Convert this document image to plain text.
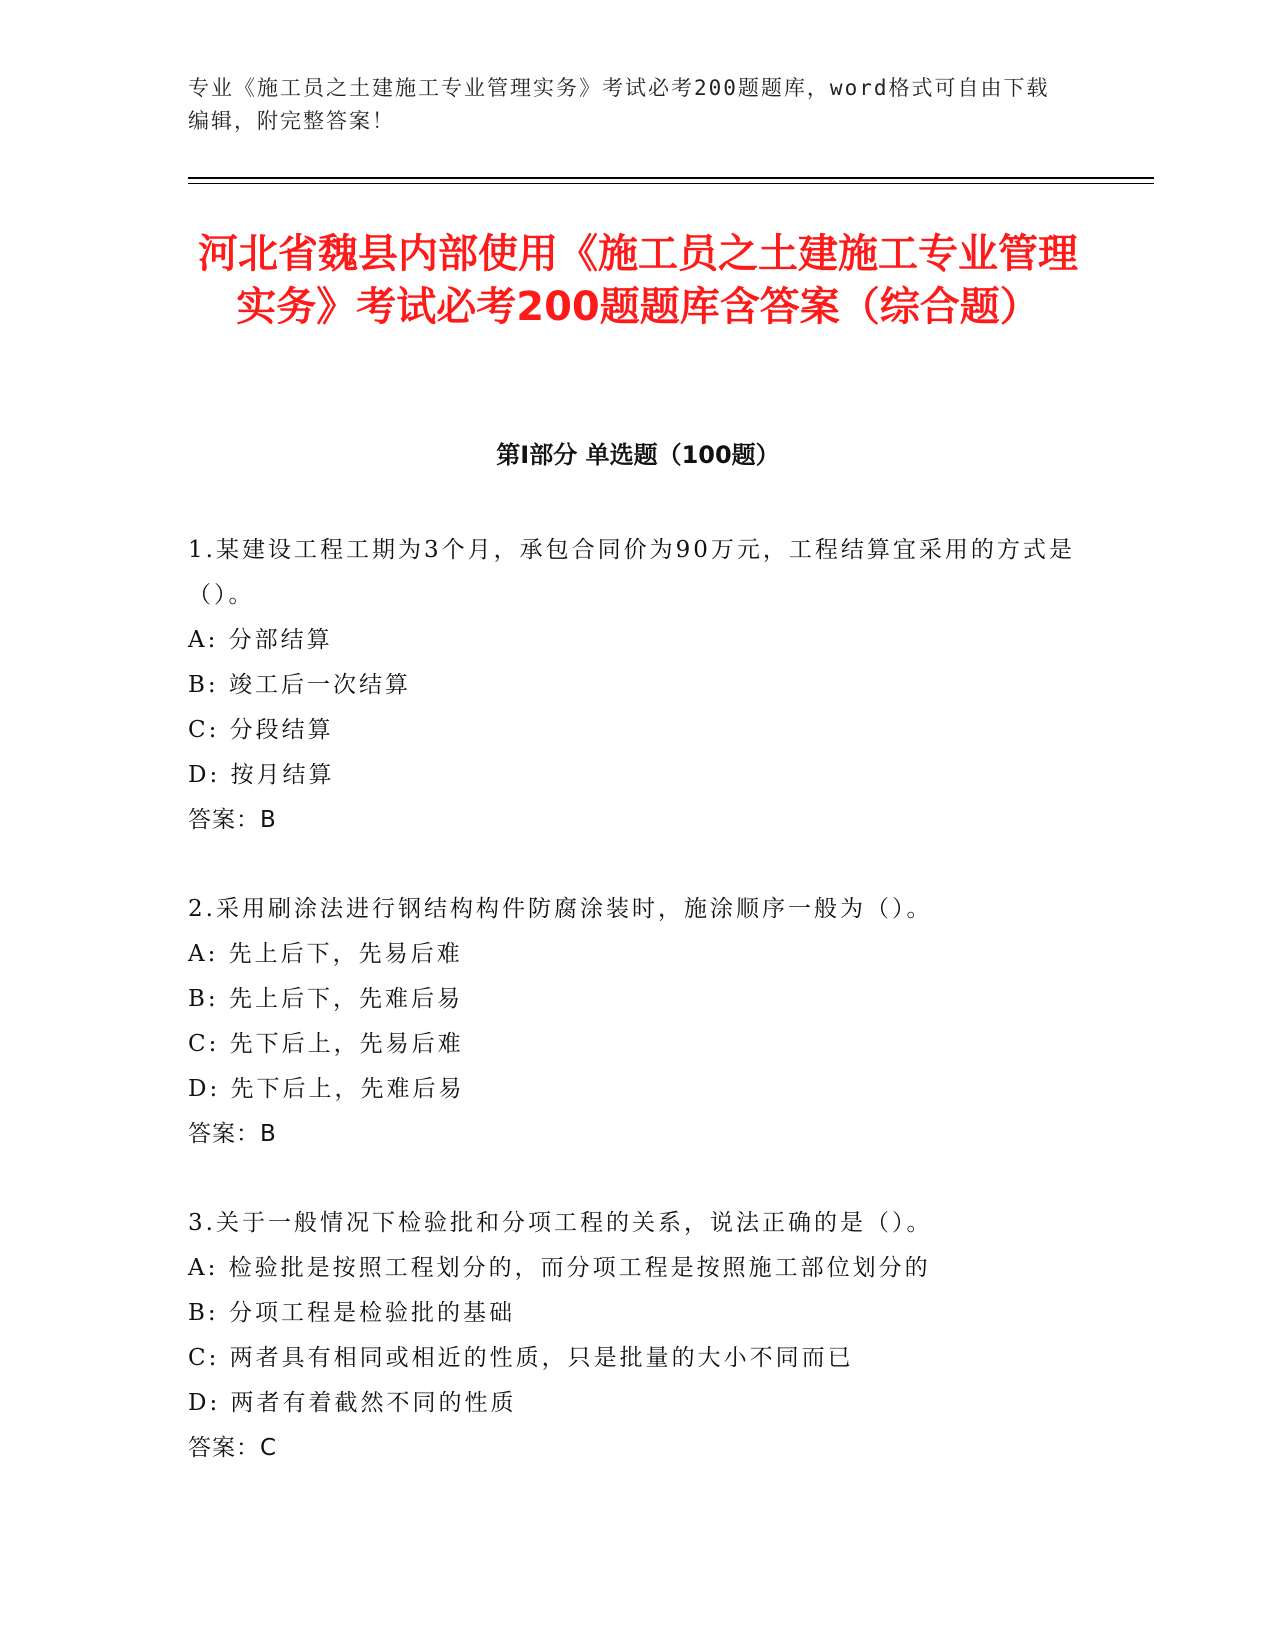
专业《施工员之土建施工专业管理实务》考试必考200题题库，word格式可自由下载编辑，附完整答案！
河北省魏县内部使用《施工员之土建施工专业管理实务》考试必考200题题库含答案（综合题）
第I部分 单选题（100题）
1.某建设工程工期为3个月，承包合同价为90万元，工程结算宜采用的方式是（）。
A: 分部结算
B: 竣工后一次结算
C: 分段结算
D: 按月结算
答案：B
2.采用刷涂法进行钢结构构件防腐涂装时，施涂顺序一般为（）。
A: 先上后下，先易后难
B: 先上后下，先难后易
C: 先下后上，先易后难
D: 先下后上，先难后易
答案：B
3.关于一般情况下检验批和分项工程的关系，说法正确的是（）。
A: 检验批是按照工程划分的，而分项工程是按照施工部位划分的
B: 分项工程是检验批的基础
C: 两者具有相同或相近的性质，只是批量的大小不同而已
D: 两者有着截然不同的性质
答案：C
